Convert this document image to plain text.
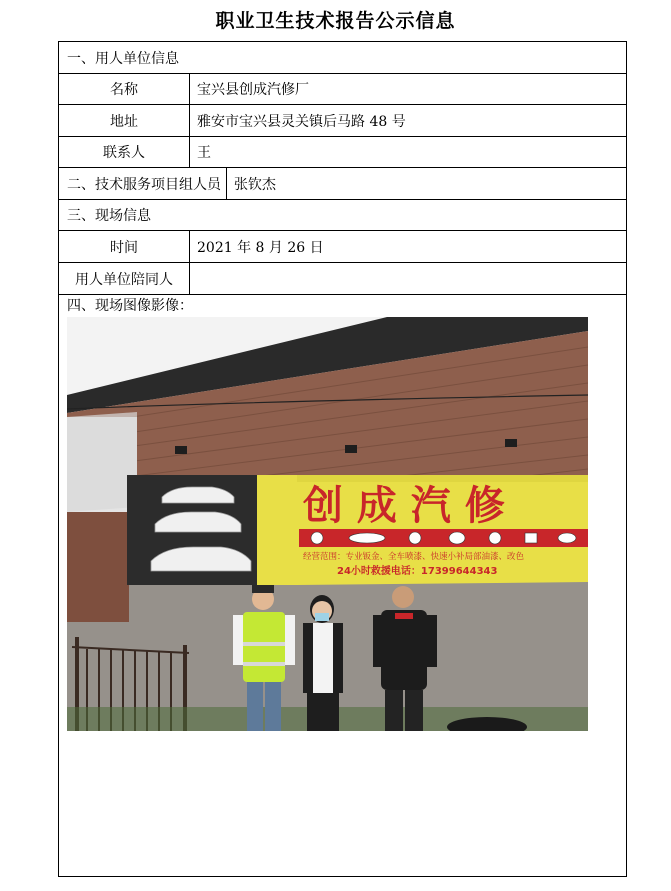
职业卫生技术报告公示信息
一、用人单位信息
名称	宝兴县创成汽修厂
地址	雅安市宝兴县灵关镇后马路 48 号
联系人	王
二、技术服务项目组人员 张钦杰
三、现场信息
时间	2021 年 8 月 26 日
用人单位陪同人
四、现场图像影像：
创 成 汽 修
经营范围：专业钣金、全车喷漆、快速小补局部油漆、改色
24小时救援电话：17399644343
